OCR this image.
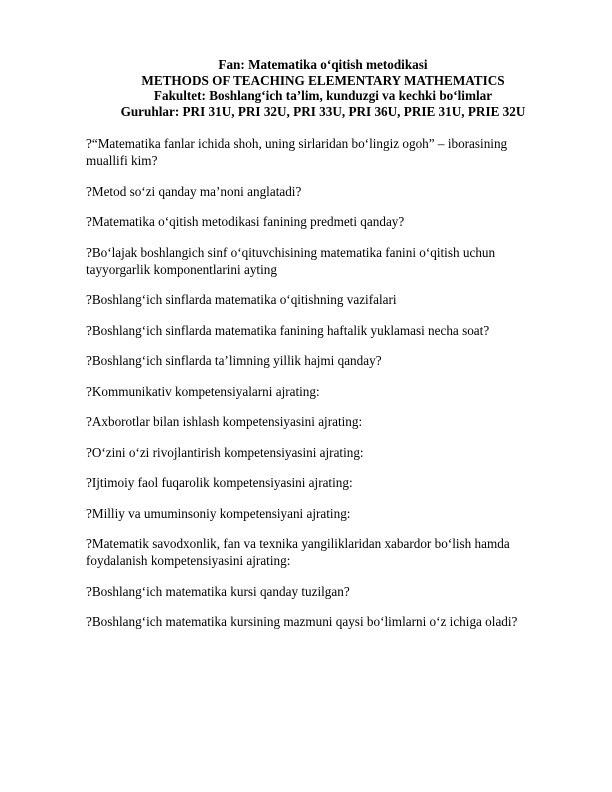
Fan: Matematika oʻqitish metodikasi
METHODS OF TEACHING ELEMENTARY MATHEMATICS
Fakultet: Boshlang‘ich ta’lim, kunduzgi va kechki bo‘limlar
Guruhlar: PRI 31U, PRI 32U, PRI 33U, PRI 36U, PRIE 31U, PRIE 32U

?“Matematika fanlar ichida shoh, uning sirlaridan bo‘lingiz ogoh” – iborasining muallifi kim?

?Metod so‘zi qanday ma’noni anglatadi?

?Matematika o‘qitish metodikasi fanining predmeti qanday?

?Bo‘lajak boshlangich sinf o‘qituvchisining matematika fanini o‘qitish uchun tayyorgarlik komponentlarini ayting

?Boshlang‘ich sinflarda matematika o‘qitishning vazifalari

?Boshlang‘ich sinflarda matematika fanining haftalik yuklamasi necha soat?

?Boshlang‘ich sinflarda ta’limning yillik hajmi qanday?

?Kommunikativ kompetensiyalarni ajrating:

?Axborotlar bilan ishlash kompetensiyasini ajrating:

?O‘zini o‘zi rivojlantirish kompetensiyasini ajrating:

?Ijtimoiy faol fuqarolik kompetensiyasini ajrating:

?Milliy va umuminsoniy kompetensiyani ajrating:

?Matematik savodxonlik, fan va texnika yangiliklaridan xabardor bo‘lish hamda foydalanish kompetensiyasini ajrating:

?Boshlang‘ich matematika kursi qanday tuzilgan?

?Boshlang‘ich matematika kursining mazmuni qaysi bo‘limlarni o‘z ichiga oladi?
